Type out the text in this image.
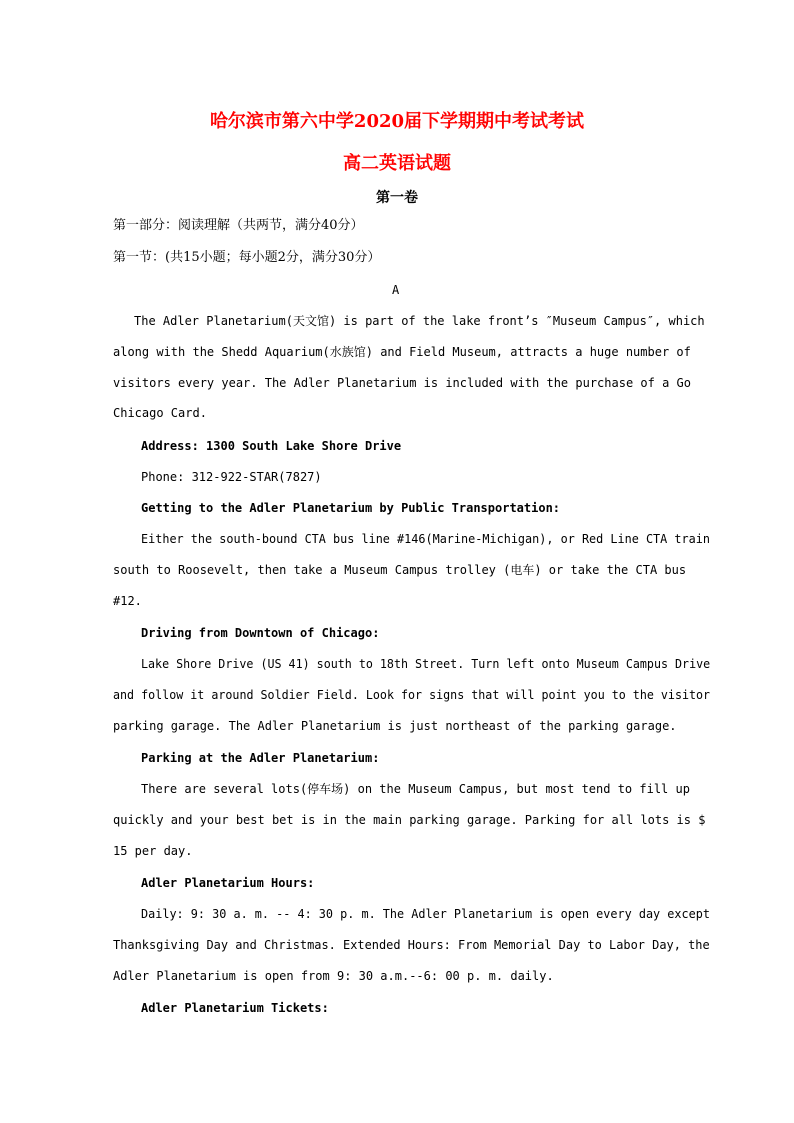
哈尔滨市第六中学2020届下学期期中考试考试
高二英语试题
第一卷
第一部分：阅读理解（共两节，满分40分）
第一节：(共15小题；每小题2分，满分30分）
A
The Adler Planetarium(天文馆) is part of the lake front’s ″Museum Campus″, which
along with the Shedd Aquarium(水族馆) and Field Museum, attracts a huge number of
visitors every year. The Adler Planetarium is included with the purchase of a Go
Chicago Card.
Address: 1300 South Lake Shore Drive
Phone: 312-922-STAR(7827)
Getting to the Adler Planetarium by Public Transportation:
Either the south-bound CTA bus line #146(Marine-Michigan), or Red Line CTA train
south to Roosevelt, then take a Museum Campus trolley (电车) or take the CTA bus
#12.
Driving from Downtown of Chicago:
Lake Shore Drive (US 41) south to 18th Street. Turn left onto Museum Campus Drive
and follow it around Soldier Field. Look for signs that will point you to the visitor
parking garage. The Adler Planetarium is just northeast of the parking garage.
Parking at the Adler Planetarium:
There are several lots(停车场) on the Museum Campus, but most tend to fill up
quickly and your best bet is in the main parking garage. Parking for all lots is $
15 per day.
Adler Planetarium Hours:
Daily: 9: 30 a. m. -- 4: 30 p. m. The Adler Planetarium is open every day except
Thanksgiving Day and Christmas. Extended Hours: From Memorial Day to Labor Day, the
Adler Planetarium is open from 9: 30 a.m.--6: 00 p. m. daily.
Adler Planetarium Tickets:
